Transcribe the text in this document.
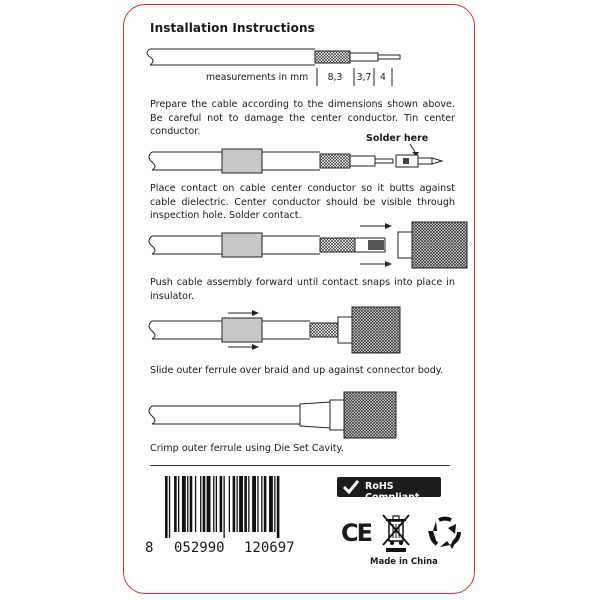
Installation Instructions
measurements in mm	8,3	3,7 4
Prepare the cable according to the dimensions shown above. Be careful not to damage the center conductor. Tin center conductor.
Solder here
Place contact on cable center conductor so it butts against cable dielectric. Center conductor should be visible through inspection hole. Solder contact.
Push cable assembly forward until contact snaps into place in insulator.
Slide outer ferrule over braid and up against connector body.
Crimp outer ferrule using Die Set Cavity.
8 052990 120697
RoHS Compliant
CE
Made in China
